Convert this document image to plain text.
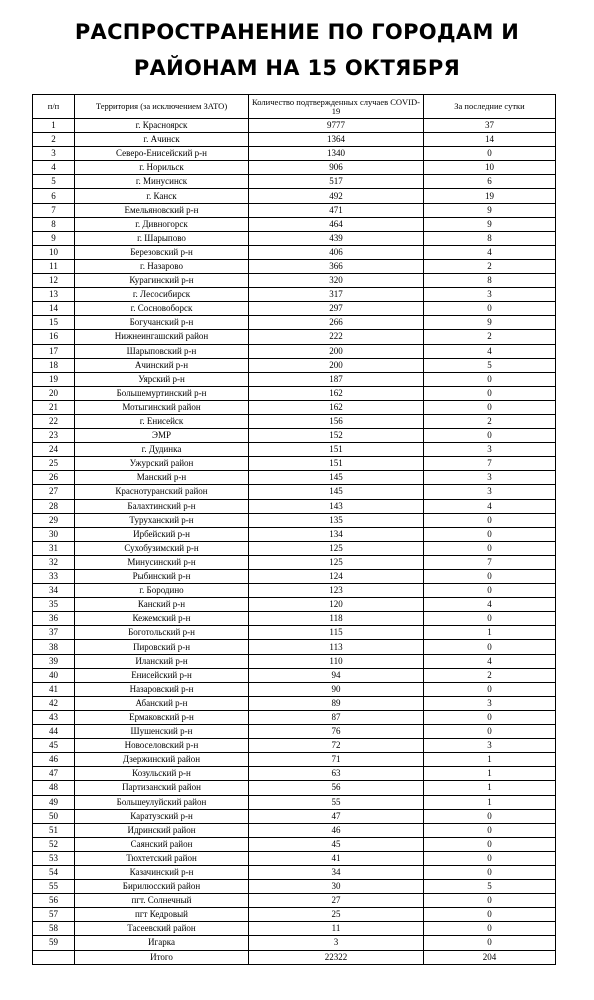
РАСПРОСТРАНЕНИЕ ПО ГОРОДАМ И
РАЙОНАМ НА 15 ОКТЯБРЯ
п/п	Территория (за исключением ЗАТО)	Количество подтвержденных случаев COVID-19	За последние сутки
1	г. Красноярск	9777	37
2	г. Ачинск	1364	14
3	Северо-Енисейский р-н	1340	0
4	г. Норильск	906	10
5	г. Минусинск	517	6
6	г. Канск	492	19
7	Емельяновский р-н	471	9
8	г. Дивногорск	464	9
9	г. Шарыпово	439	8
10	Березовский р-н	406	4
11	г. Назарово	366	2
12	Курагинский р-н	320	8
13	г. Лесосибирск	317	3
14	г. Сосновоборск	297	0
15	Богучанский р-н	266	9
16	Нижнеингашский район	222	2
17	Шарыповский р-н	200	4
18	Ачинский р-н	200	5
19	Уярский р-н	187	0
20	Большемуртинский р-н	162	0
21	Мотыгинский район	162	0
22	г. Енисейск	156	2
23	ЭМР	152	0
24	г. Дудинка	151	3
25	Ужурский район	151	7
26	Манский р-н	145	3
27	Краснотуранский район	145	3
28	Балахтинский р-н	143	4
29	Туруханский р-н	135	0
30	Ирбейский р-н	134	0
31	Сухобузимский р-н	125	0
32	Минусинский р-н	125	7
33	Рыбинский р-н	124	0
34	г. Бородино	123	0
35	Канский р-н	120	4
36	Кежемский р-н	118	0
37	Боготольский р-н	115	1
38	Пировский р-н	113	0
39	Иланский р-н	110	4
40	Енисейский р-н	94	2
41	Назаровский р-н	90	0
42	Абанский р-н	89	3
43	Ермаковский р-н	87	0
44	Шушенский р-н	76	0
45	Новоселовский р-н	72	3
46	Дзержинский район	71	1
47	Козульский р-н	63	1
48	Партизанский район	56	1
49	Большеулуйский район	55	1
50	Каратузский р-н	47	0
51	Идринский район	46	0
52	Саянский район	45	0
53	Тюхтетский район	41	0
54	Казачинский р-н	34	0
55	Бирилюсский район	30	5
56	пгт. Солнечный	27	0
57	пгт Кедровый	25	0
58	Тасеевский район	11	0
59	Игарка	3	0
	Итого	22322	204
